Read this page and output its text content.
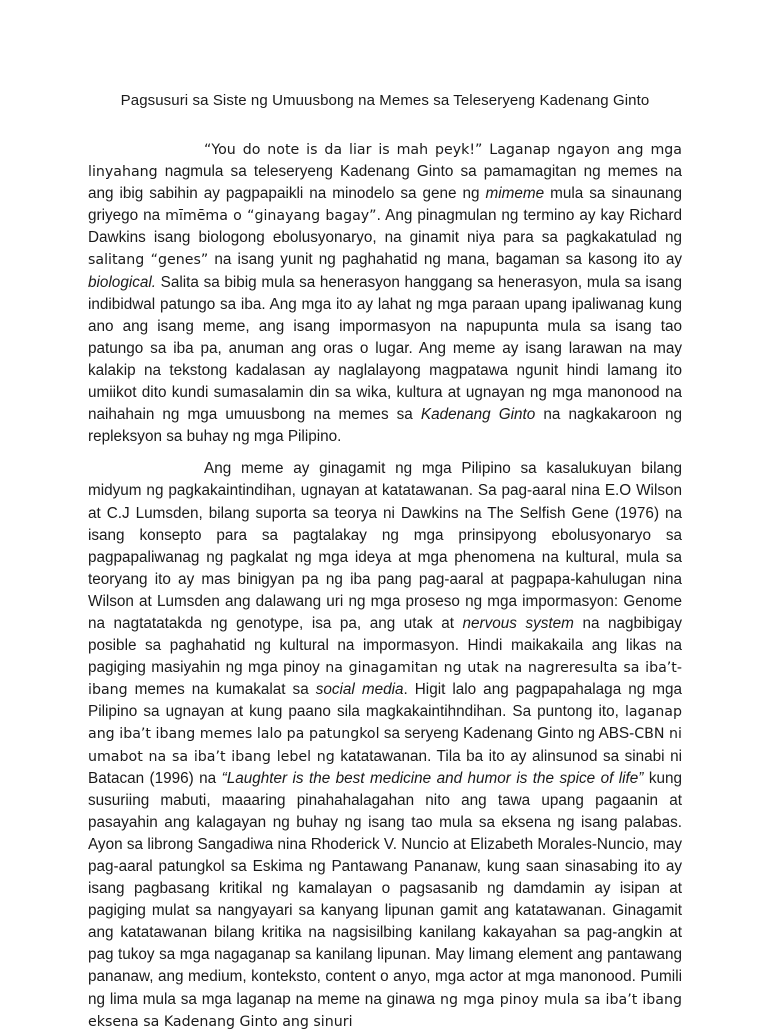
Pagsusuri sa Siste ng Umuusbong na Memes sa Teleseryeng Kadenang Ginto

“You do note is da liar is mah peyk!” Laganap ngayon ang mga linyahang nagmula sa teleseryeng Kadenang Ginto sa pamamagitan ng memes na ang ibig sabihin ay pagpapaikli na minodelo sa gene ng mimeme mula sa sinaunang griyego na mīmēma o “ginayang bagay”. Ang pinagmulan ng termino ay kay Richard Dawkins isang biologong ebolusyonaryo, na ginamit niya para sa pagkakatulad ng salitang “genes” na isang yunit ng paghahatid ng mana, bagaman sa kasong ito ay biological. Salita sa bibig mula sa henerasyon hanggang sa henerasyon, mula sa isang indibidwal patungo sa iba. Ang mga ito ay lahat ng mga paraan upang ipaliwanag kung ano ang isang meme, ang isang impormasyon na napupunta mula sa isang tao patungo sa iba pa, anuman ang oras o lugar. Ang meme ay isang larawan na may kalakip na tekstong kadalasan ay naglalayong magpatawa ngunit hindi lamang ito umiikot dito kundi sumasalamin din sa wika, kultura at ugnayan ng mga manonood na naihahain ng mga umuusbong na memes sa Kadenang Ginto na nagkakaroon ng repleksyon sa buhay ng mga Pilipino.

Ang meme ay ginagamit ng mga Pilipino sa kasalukuyan bilang midyum ng pagkakaintindihan, ugnayan at katatawanan. Sa pag-aaral nina E.O Wilson at C.J Lumsden, bilang suporta sa teorya ni Dawkins na The Selfish Gene (1976) na isang konsepto para sa pagtalakay ng mga prinsipyong ebolusyonaryo sa pagpapaliwanag ng pagkalat ng mga ideya at mga phenomena na kultural, mula sa teoryang ito ay mas binigyan pa ng iba pang pag-aaral at pagpapa-kahulugan nina Wilson at Lumsden ang dalawang uri ng mga proseso ng mga impormasyon: Genome na nagtatatakda ng genotype, isa pa, ang utak at nervous system na nagbibigay posible sa paghahatid ng kultural na impormasyon. Hindi maikakaila ang likas na pagiging masiyahin ng mga pinoy na ginagamitan ng utak na nagreresulta sa iba’t-ibang memes na kumakalat sa social media. Higit lalo ang pagpapahalaga ng mga Pilipino sa ugnayan at kung paano sila magkakaintihndihan. Sa puntong ito, laganap ang iba’t ibang memes lalo pa patungkol sa seryeng Kadenang Ginto ng ABS-CBN ni umabot na sa iba’t ibang lebel ng katatawanan. Tila ba ito ay alinsunod sa sinabi ni Batacan (1996) na “Laughter is the best medicine and humor is the spice of life” kung susuriing mabuti, maaaring pinahahalagahan nito ang tawa upang pagaanin at pasayahin ang kalagayan ng buhay ng isang tao mula sa eksena ng isang palabas. Ayon sa librong Sangadiwa nina Rhoderick V. Nuncio at Elizabeth Morales-Nuncio, may pag-aaral patungkol sa Eskima ng Pantawang Pananaw, kung saan sinasabing ito ay isang pagbasang kritikal ng kamalayan o pagsasanib ng damdamin ay isipan at pagiging mulat sa nangyayari sa kanyang lipunan gamit ang katatawanan. Ginagamit ang katatawanan bilang kritika na nagsisilbing kanilang kakayahan sa pag-angkin at pag tukoy sa mga nagaganap sa kanilang lipunan. May limang element ang pantawang pananaw, ang medium, konteksto, content o anyo, mga actor at mga manonood. Pumili ng lima mula sa mga laganap na meme na ginawa ng mga pinoy mula sa iba’t ibang eksena sa Kadenang Ginto ang sinuri
